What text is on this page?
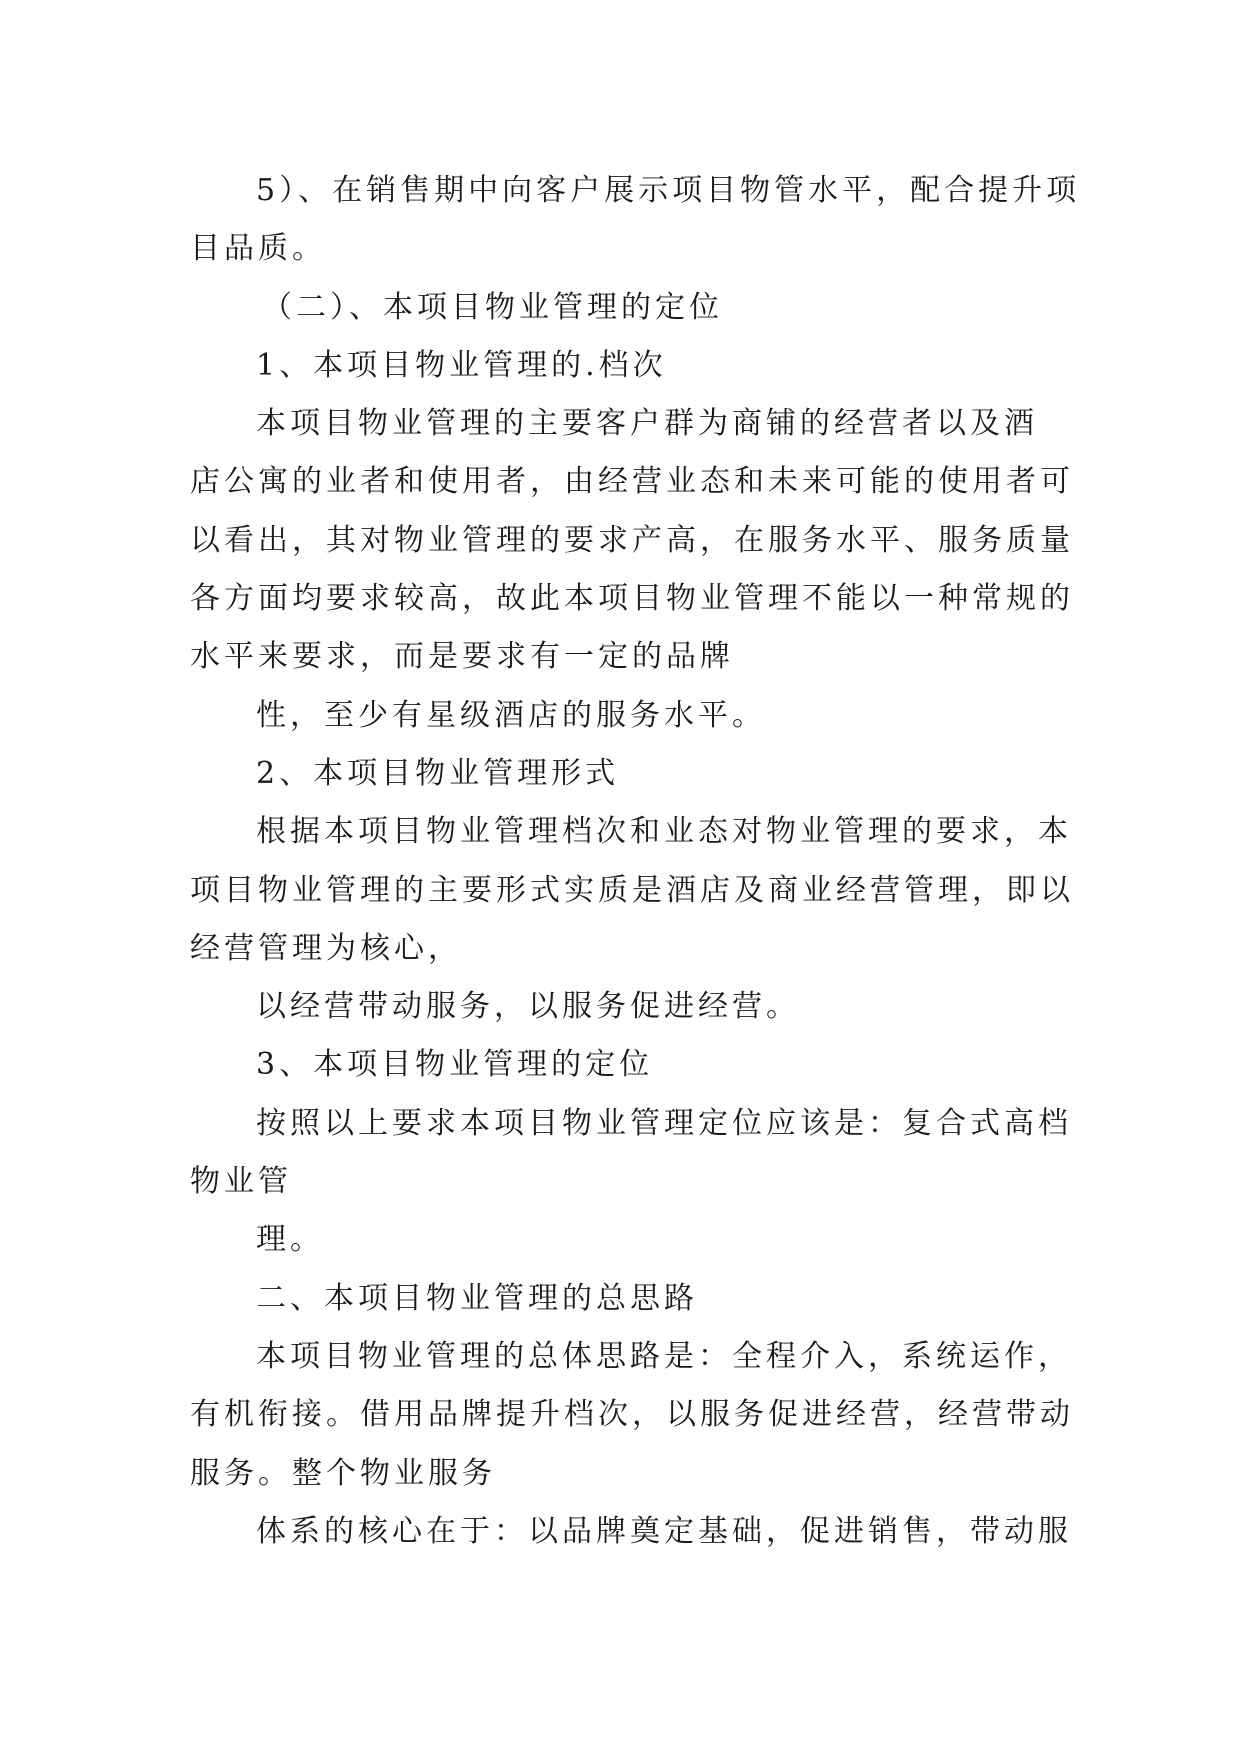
5）、在销售期中向客户展示项目物管水平，配合提升项
目品质。
（二）、本项目物业管理的定位
1、本项目物业管理的.档次
本项目物业管理的主要客户群为商铺的经营者以及酒
店公寓的业者和使用者，由经营业态和未来可能的使用者可
以看出，其对物业管理的要求产高，在服务水平、服务质量
各方面均要求较高，故此本项目物业管理不能以一种常规的
水平来要求，而是要求有一定的品牌
性，至少有星级酒店的服务水平。
2、本项目物业管理形式
根据本项目物业管理档次和业态对物业管理的要求，本
项目物业管理的主要形式实质是酒店及商业经营管理，即以
经营管理为核心，
以经营带动服务，以服务促进经营。
3、本项目物业管理的定位
按照以上要求本项目物业管理定位应该是：复合式高档
物业管
理。
二、本项目物业管理的总思路
本项目物业管理的总体思路是：全程介入，系统运作，
有机衔接。借用品牌提升档次，以服务促进经营，经营带动
服务。整个物业服务
体系的核心在于：以品牌奠定基础，促进销售，带动服
